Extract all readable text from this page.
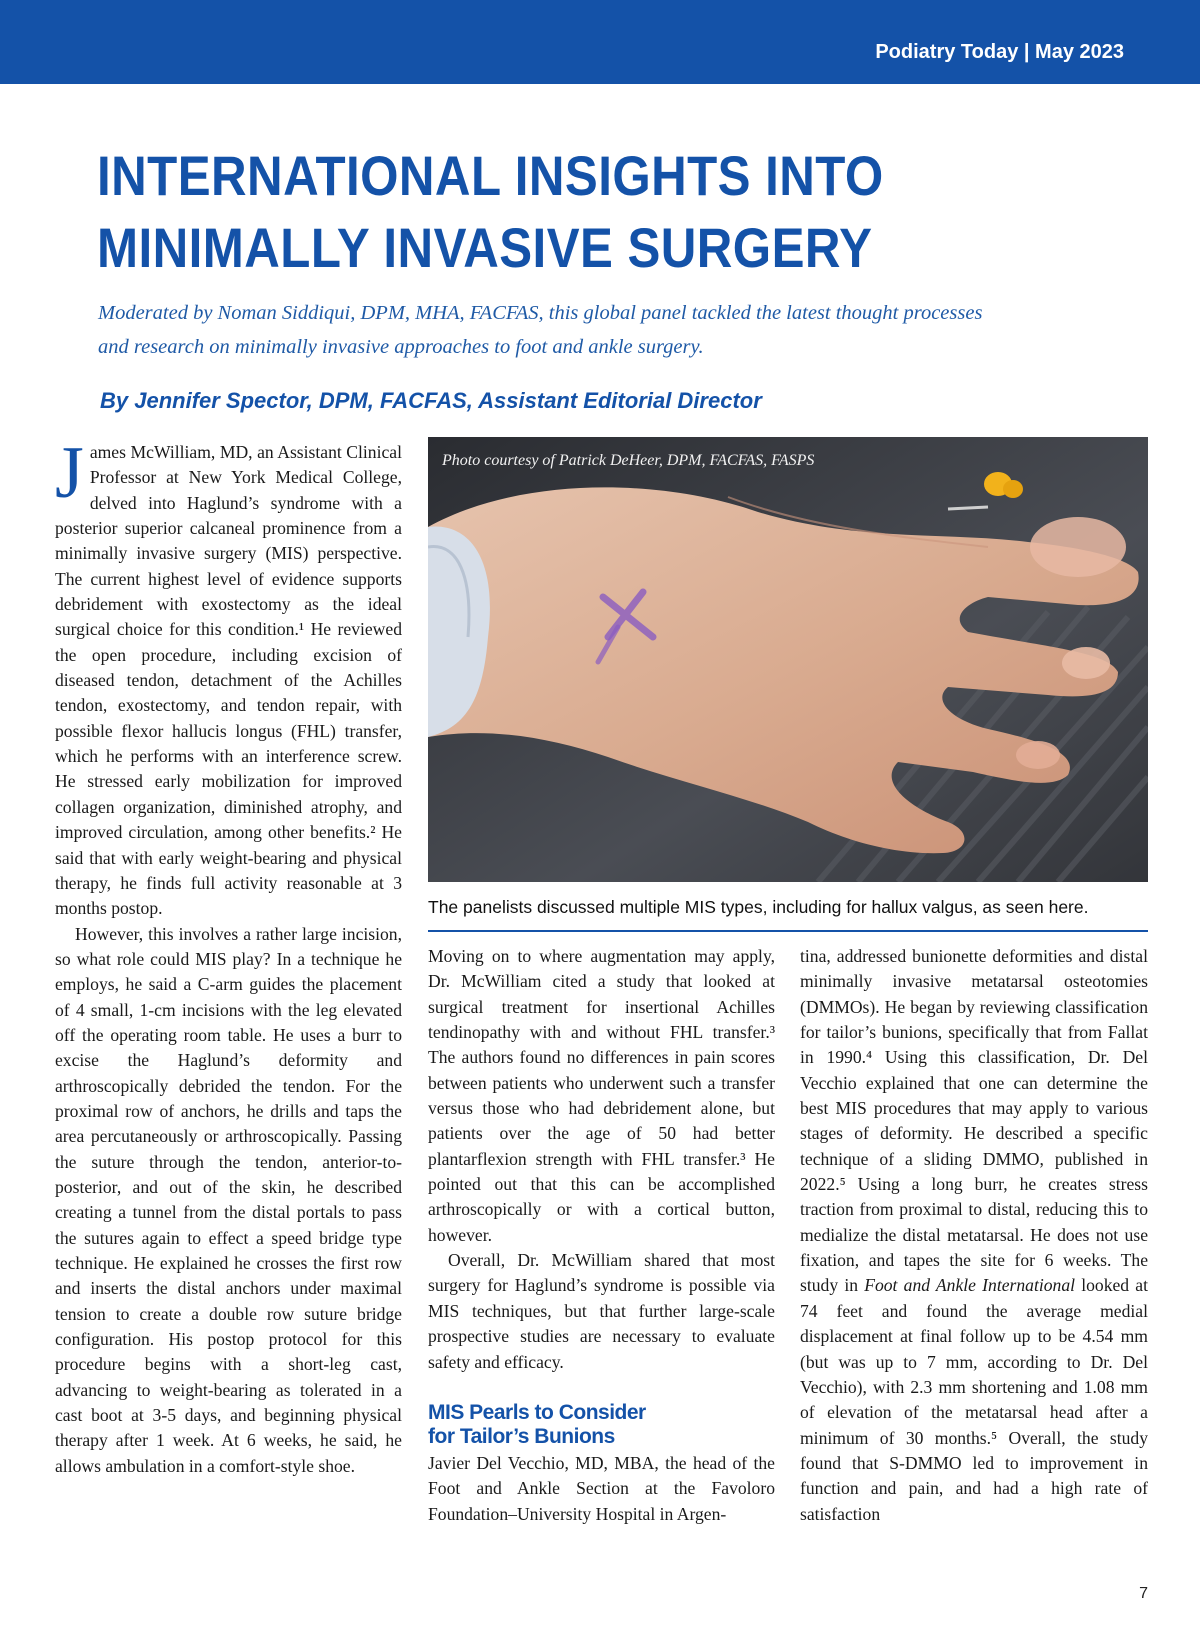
Podiatry Today | May 2023
INTERNATIONAL INSIGHTS INTO
MINIMALLY INVASIVE SURGERY
Moderated by Noman Siddiqui, DPM, MHA, FACFAS, this global panel tackled the latest thought processes
and research on minimally invasive approaches to foot and ankle surgery.
By Jennifer Spector, DPM, FACFAS, Assistant Editorial Director

James McWilliam, MD, an Assistant Clinical Professor at New York Medical College, delved into Haglund’s syndrome with a posterior superior calcaneal prominence from a minimally invasive surgery (MIS) perspective. The current highest level of evidence supports debridement with exostectomy as the ideal surgical choice for this condition.¹ He reviewed the open procedure, including excision of diseased tendon, detachment of the Achilles tendon, exostectomy, and tendon repair, with possible flexor hallucis longus (FHL) transfer, which he performs with an interference screw. He stressed early mobilization for improved collagen organization, diminished atrophy, and improved circulation, among other benefits.² He said that with early weight-bearing and physical therapy, he finds full activity reasonable at 3 months postop.

However, this involves a rather large incision, so what role could MIS play? In a technique he employs, he said a C-arm guides the placement of 4 small, 1-cm incisions with the leg elevated off the operating room table. He uses a burr to excise the Haglund’s deformity and arthroscopically debrided the tendon. For the proximal row of anchors, he drills and taps the area percutaneously or arthroscopically. Passing the suture through the tendon, anterior-to-posterior, and out of the skin, he described creating a tunnel from the distal portals to pass the sutures again to effect a speed bridge type technique. He explained he crosses the first row and inserts the distal anchors under maximal tension to create a double row suture bridge configuration. His postop protocol for this procedure begins with a short-leg cast, advancing to weight-bearing as tolerated in a cast boot at 3-5 days, and beginning physical therapy after 1 week. At 6 weeks, he said, he allows ambulation in a comfort-style shoe.

Photo courtesy of Patrick DeHeer, DPM, FACFAS, FASPS
The panelists discussed multiple MIS types, including for hallux valgus, as seen here.

Moving on to where augmentation may apply, Dr. McWilliam cited a study that looked at surgical treatment for insertional Achilles tendinopathy with and without FHL transfer.³ The authors found no differences in pain scores between patients who underwent such a transfer versus those who had debridement alone, but patients over the age of 50 had better plantarflexion strength with FHL transfer.³ He pointed out that this can be accomplished arthroscopically or with a cortical button, however.

Overall, Dr. McWilliam shared that most surgery for Haglund’s syndrome is possible via MIS techniques, but that further large-scale prospective studies are necessary to evaluate safety and efficacy.

MIS Pearls to Consider
for Tailor’s Bunions

Javier Del Vecchio, MD, MBA, the head of the Foot and Ankle Section at the Favoloro Foundation–University Hospital in Argen-

tina, addressed bunionette deformities and distal minimally invasive metatarsal osteotomies (DMMOs). He began by reviewing classification for tailor’s bunions, specifically that from Fallat in 1990.⁴ Using this classification, Dr. Del Vecchio explained that one can determine the best MIS procedures that may apply to various stages of deformity. He described a specific technique of a sliding DMMO, published in 2022.⁵ Using a long burr, he creates stress traction from proximal to distal, reducing this to medialize the distal metatarsal. He does not use fixation, and tapes the site for 6 weeks. The study in Foot and Ankle International looked at 74 feet and found the average medial displacement at final follow up to be 4.54 mm (but was up to 7 mm, according to Dr. Del Vecchio), with 2.3 mm shortening and 1.08 mm of elevation of the metatarsal head after a minimum of 30 months.⁵ Overall, the study found that S-DMMO led to improvement in function and pain, and had a high rate of satisfaction

7
